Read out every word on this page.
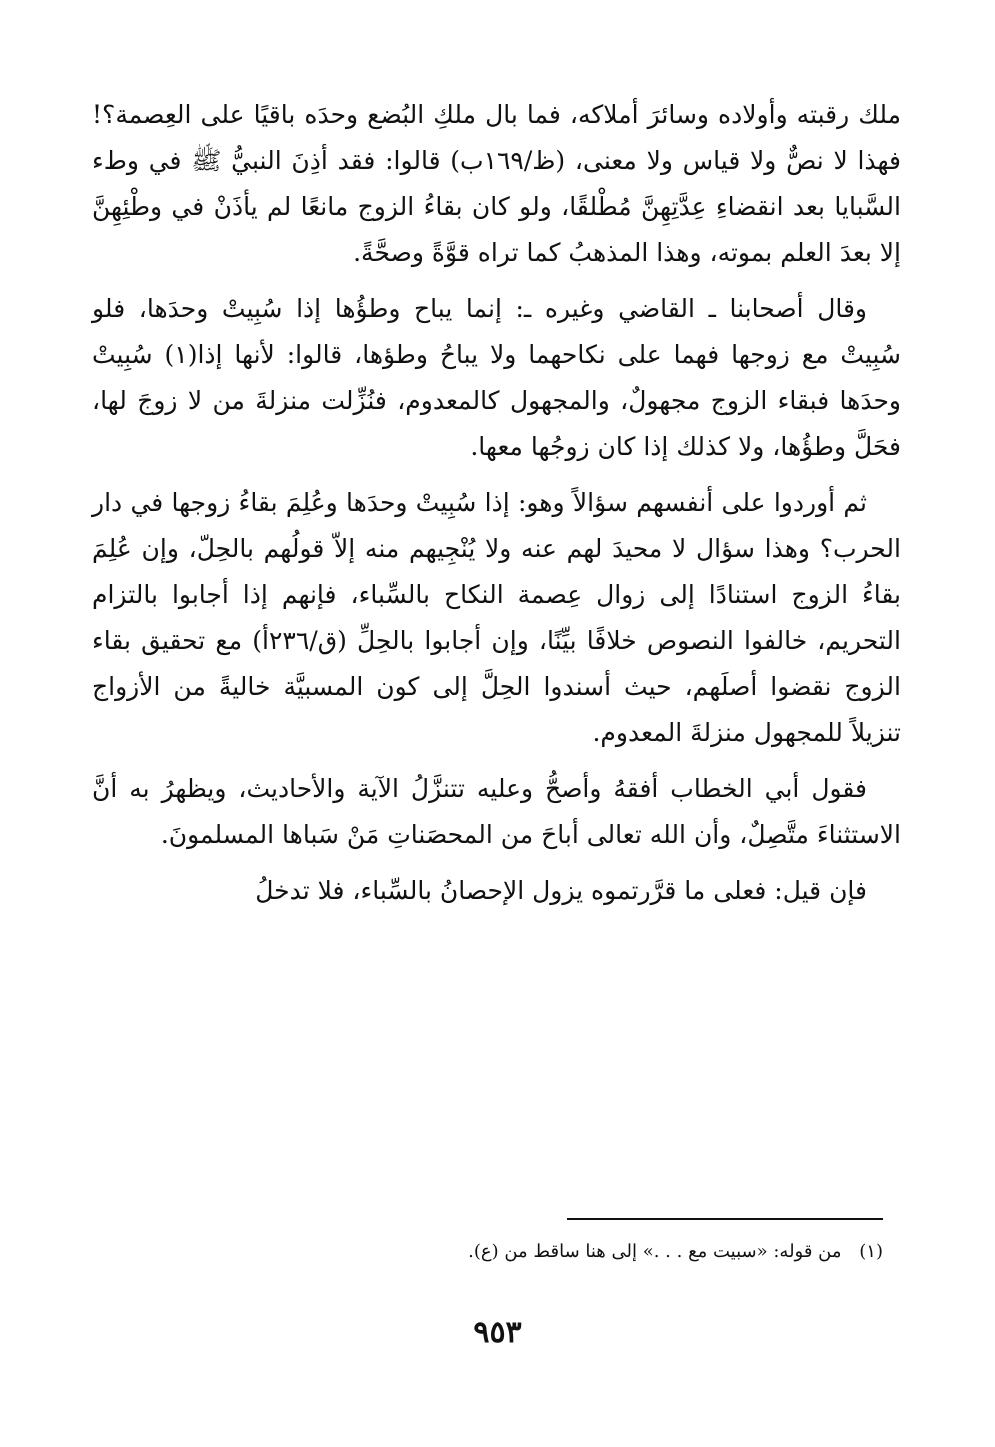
ملك رقبته وأولاده وسائرَ أملاكه، فما بال ملكِ البُضع وحدَه باقيًا على العِصمة؟! فهذا لا نصٌّ ولا قياس ولا معنى، (ظ/١٦٩ب) قالوا: فقد أذِنَ النبيُّ ﷺ في وطء السَّبايا بعد انقضاءِ عِدَّتِهِنَّ مُطْلقًا، ولو كان بقاءُ الزوج مانعًا لم يأذَنْ في وطْئِهِنَّ إلا بعدَ العلم بموته، وهذا المذهبُ كما تراه قوَّةً وصحَّةً.

وقال أصحابنا ـ القاضي وغيره ـ: إنما يباح وطؤُها إذا سُبِيتْ وحدَها، فلو سُبِيتْ مع زوجها فهما على نكاحهما ولا يباحُ وطؤها، قالوا: لأنها إذا(١) سُبِيتْ وحدَها فبقاء الزوج مجهولٌ، والمجهول كالمعدوم، فنُزِّلت منزلةَ من لا زوجَ لها، فحَلَّ وطؤُها، ولا كذلك إذا كان زوجُها معها.

ثم أوردوا على أنفسهم سؤالاً وهو: إذا سُبِيتْ وحدَها وعُلِمَ بقاءُ زوجها في دار الحرب؟ وهذا سؤال لا محيدَ لهم عنه ولا يُنْجِيهم منه إلاّ قولُهم بالحِلّ، وإن عُلِمَ بقاءُ الزوج استنادًا إلى زوال عِصمة النكاح بالسِّباء، فإنهم إذا أجابوا بالتزام التحريم، خالفوا النصوص خلافًا بيِّنًا، وإن أجابوا بالحِلِّ (ق/٢٣٦أ) مع تحقيق بقاء الزوج نقضوا أصلَهم، حيث أسندوا الحِلَّ إلى كون المسبيَّة خاليةً من الأزواج تنزيلاً للمجهول منزلةَ المعدوم.

فقول أبي الخطاب أفقهُ وأصحُّ وعليه تتنزَّلُ الآية والأحاديث، ويظهرُ به أنَّ الاستثناءَ متَّصِلٌ، وأن الله تعالى أباحَ من المحصَناتِ مَنْ سَباها المسلمونَ.

فإن قيل: فعلى ما قرَّرتموه يزول الإحصانُ بالسِّباء، فلا تدخلُ

(١) من قوله: «سبيت مع . . .» إلى هنا ساقط من (ع).
٩٥٣
